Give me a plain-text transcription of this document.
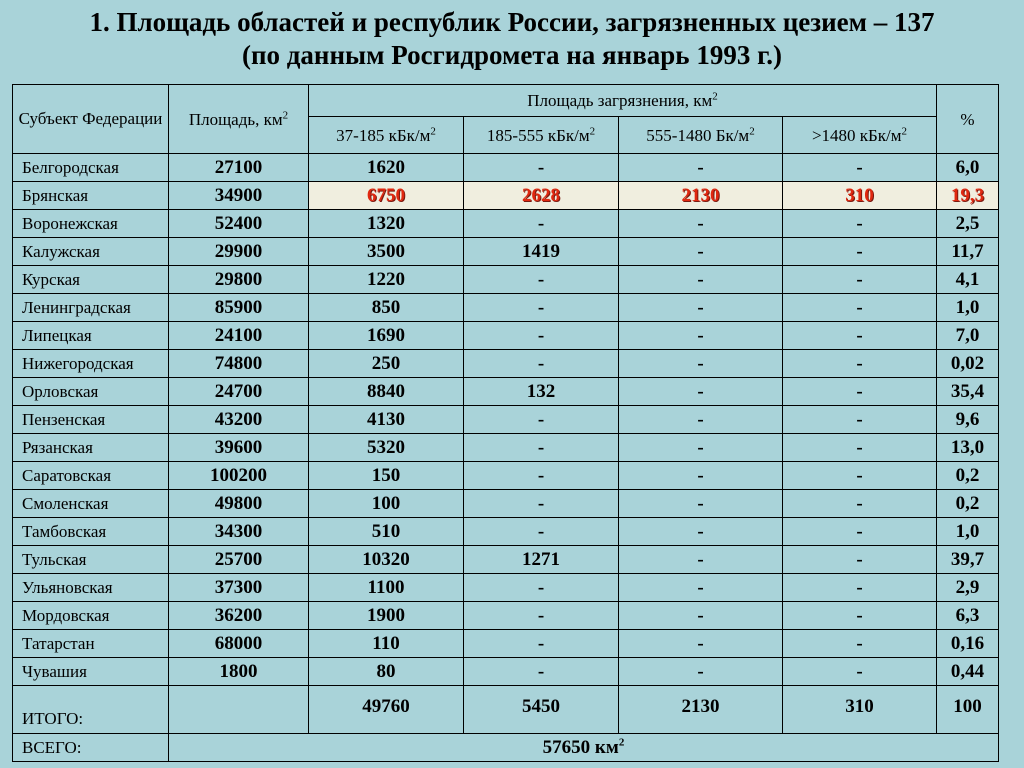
1. Площадь областей и республик России, загрязненных цезием – 137
(по данным Росгидромета на январь 1993 г.)
Субъект Федерации	Площадь, $км^2$	Площадь загрязнения, $км^2$				%
		37-185 кБк/$м^2$	185-555 кБк/$м^2$	555-1480 $Бк/м^2$	>1480 кБк/$м^2$
Белгородская	27100	1620	-	-	-	6,0
Брянская	34900	6750	2628	2130	310	19,3
Воронежская	52400	1320	-	-	-	2,5
Калужская	29900	3500	1419	-	-	11,7
Курская	29800	1220	-	-	-	4,1
Ленинградская	85900	850	-	-	-	1,0
Липецкая	24100	1690	-	-	-	7,0
Нижегородская	74800	250	-	-	-	0,02
Орловская	24700	8840	132	-	-	35,4
Пензенская	43200	4130	-	-	-	9,6
Рязанская	39600	5320	-	-	-	13,0
Саратовская	100200	150	-	-	-	0,2
Смоленская	49800	100	-	-	-	0,2
Тамбовская	34300	510	-	-	-	1,0
Тульская	25700	10320	1271	-	-	39,7
Ульяновская	37300	1100	-	-	-	2,9
Мордовская	36200	1900	-	-	-	6,3
Татарстан	68000	110	-	-	-	0,16
Чувашия	1800	80	-	-	-	0,44
ИТОГО:		49760	5450	2130	310	100
ВСЕГО:	57650 $км^2$
